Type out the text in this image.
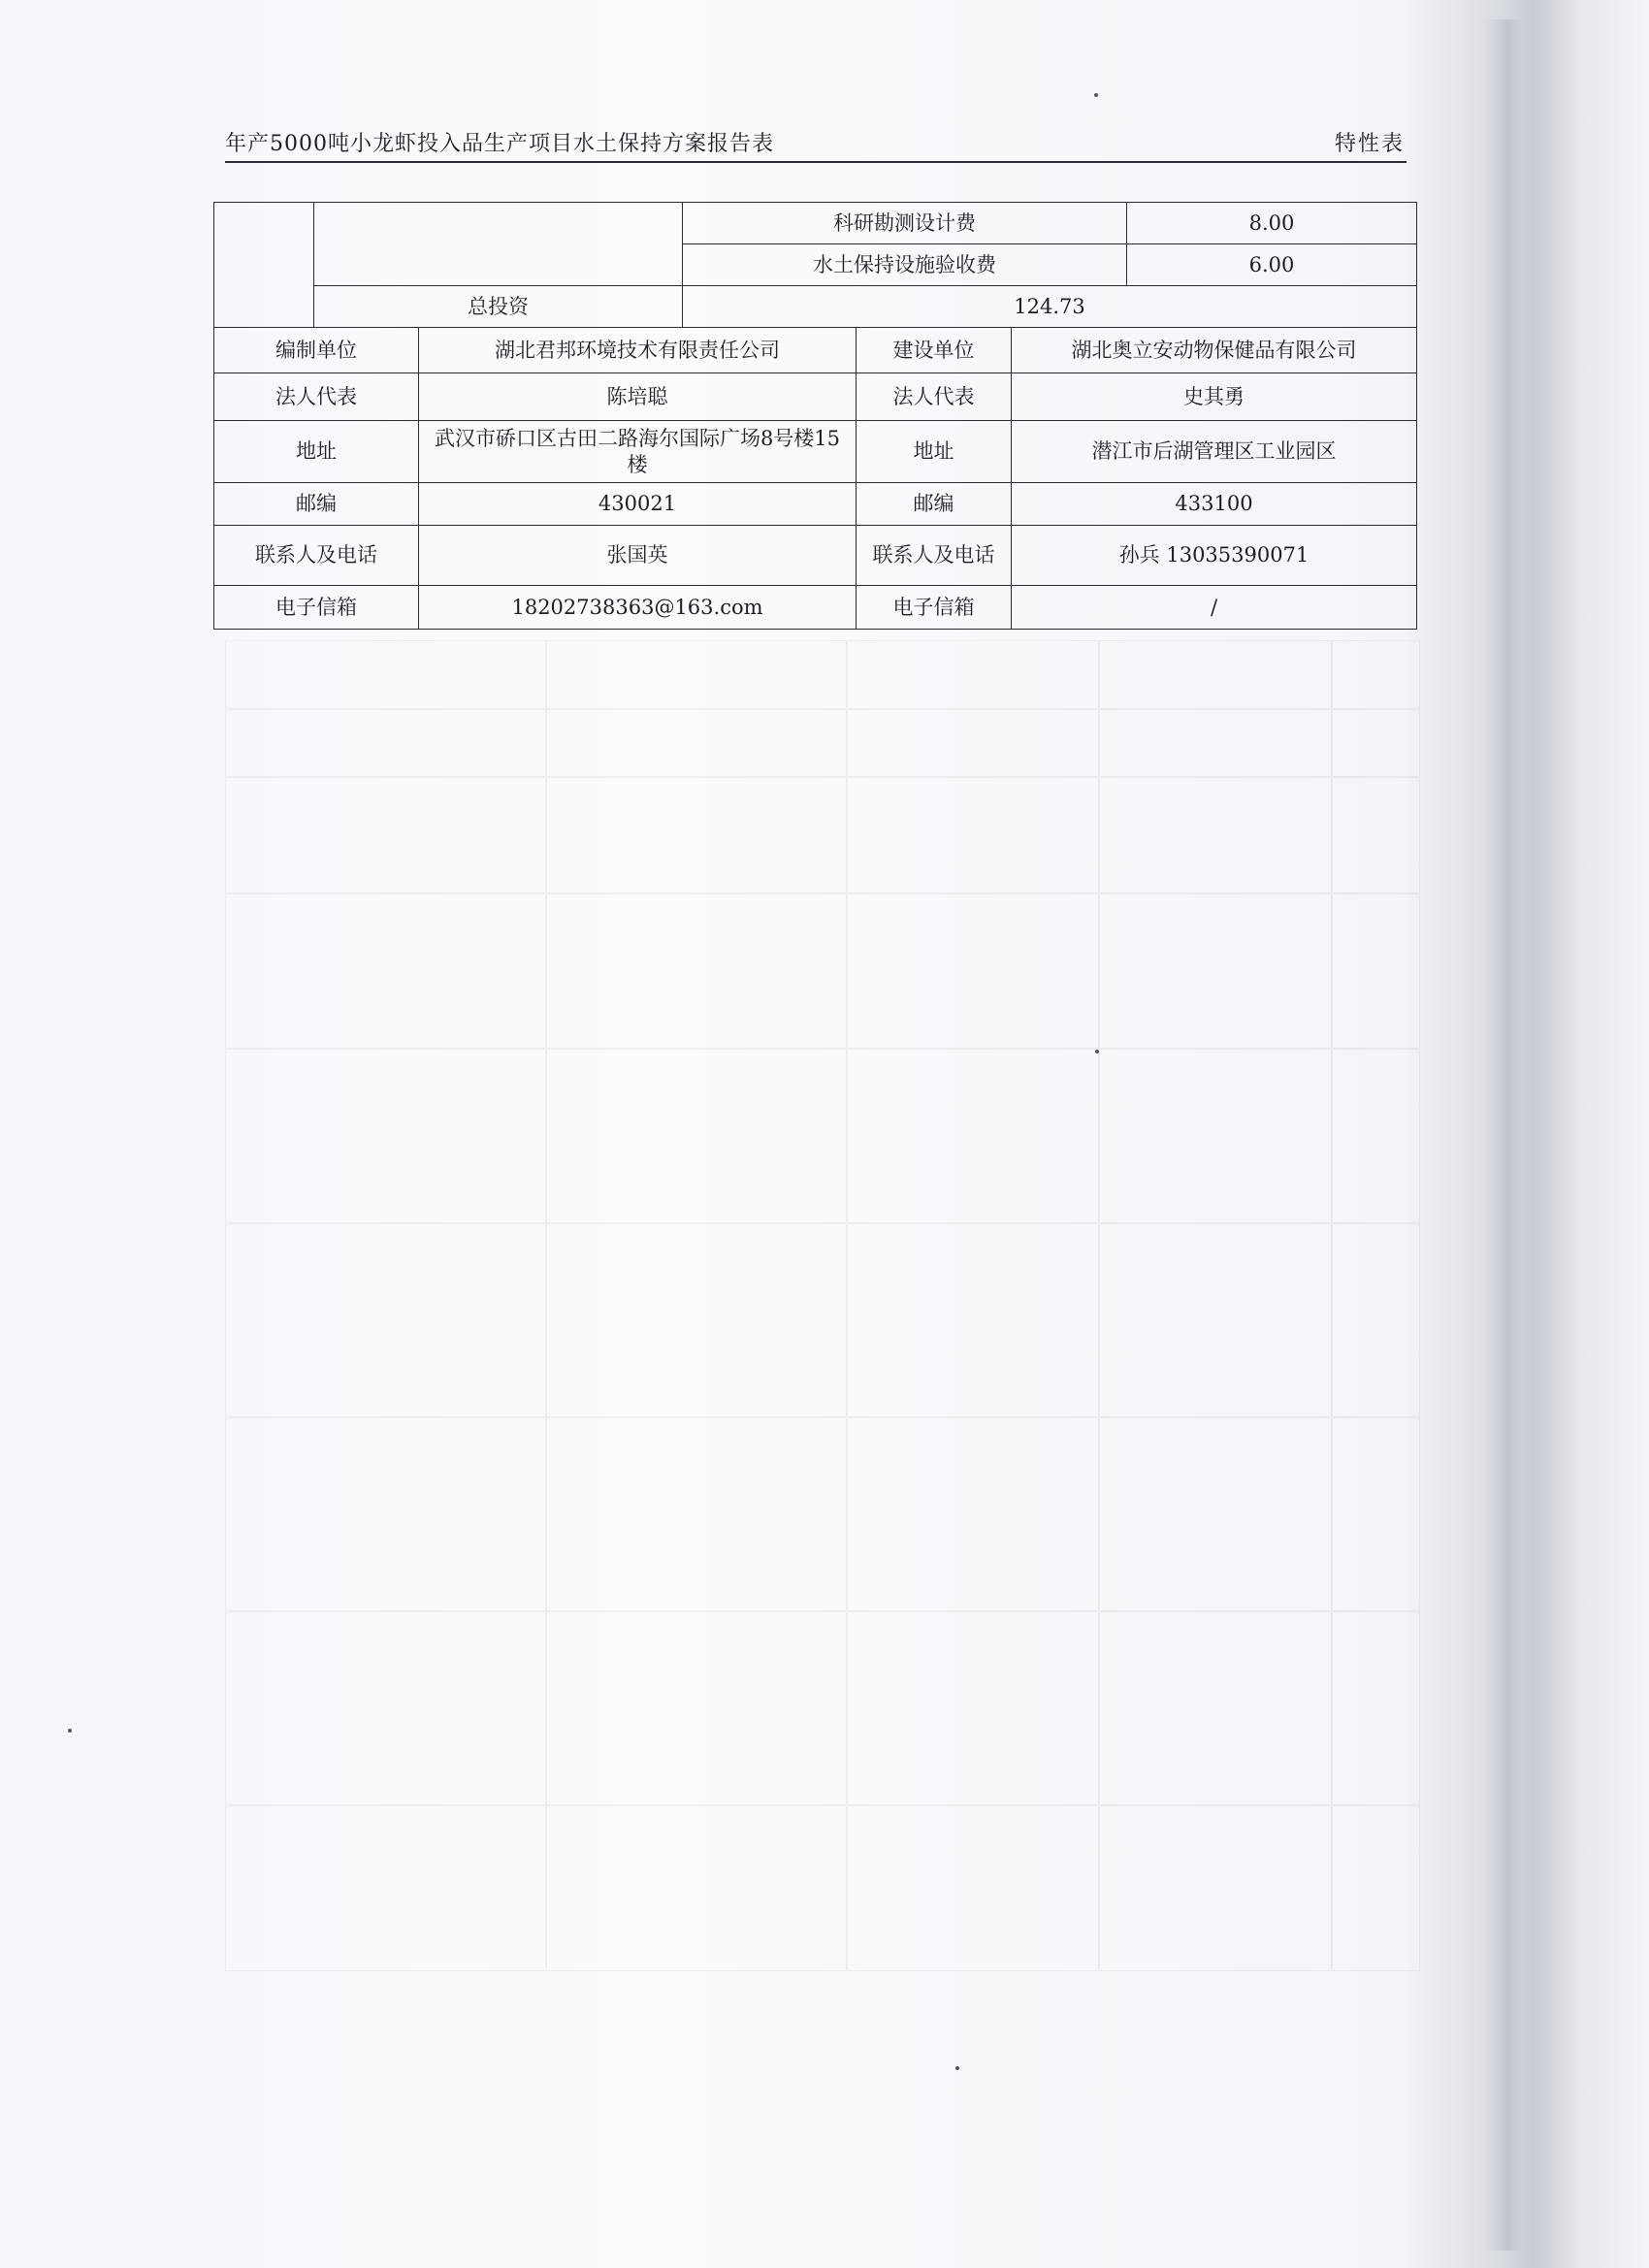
年产5000吨小龙虾投入品生产项目水土保持方案报告表	特性表
		科研勘测设计费	8.00
		水土保持设施验收费	6.00
	总投资	124.73	
编制单位	湖北君邦环境技术有限责任公司	建设单位	湖北奥立安动物保健品有限公司
法人代表	陈培聪	法人代表	史其勇
地址	武汉市硚口区古田二路海尔国际广场8号楼15楼	地址	潜江市后湖管理区工业园区
邮编	430021	邮编	433100
联系人及电话	张国英	联系人及电话	孙兵 13035390071
电子信箱	18202738363@163.com	电子信箱	/
